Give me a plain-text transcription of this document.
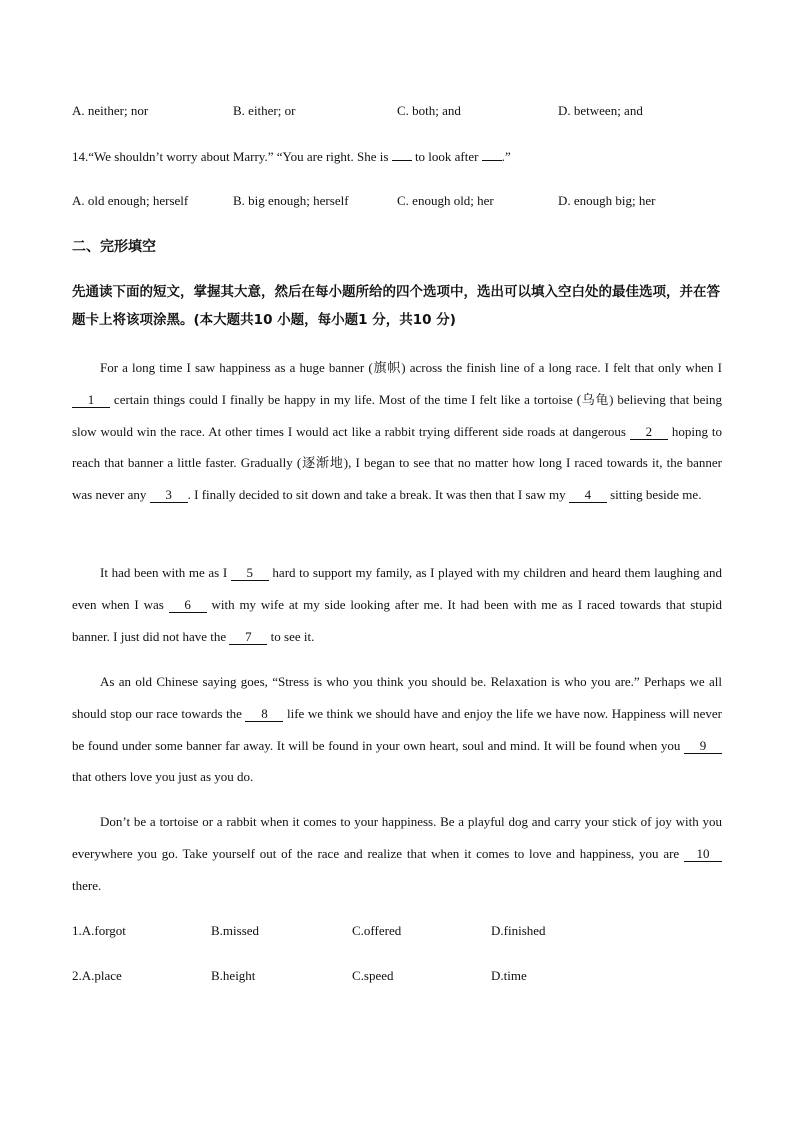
A. neither; nor	B. either; or	C. both; and	D. between; and
14.“We shouldn’t worry about Marry.” “You are right. She is  to look after .”
A. old enough; herself	B. big enough; herself	C. enough old; her	D. enough big; her
二、完形填空
先通读下面的短文，掌握其大意，然后在每小题所给的四个选项中，选出可以填入空白处的最佳选项，并在答题卡上将该项涂黑。(本大题共10 小题，每小题1 分，共10 分)
For a long time I saw happiness as a huge banner (旗帜) across the finish line of a long race. I felt that only when I 1 certain things could I finally be happy in my life. Most of the time I felt like a tortoise (乌龟) believing that being slow would win the race. At other times I would act like a rabbit trying different side roads at dangerous 2 hoping to reach that banner a little faster. Gradually (逐渐地), I began to see that no matter how long I raced towards it, the banner was never any 3 . I finally decided to sit down and take a break. It was then that I saw my 4 sitting beside me.
It had been with me as I 5 hard to support my family, as I played with my children and heard them laughing and even when I was 6 with my wife at my side looking after me. It had been with me as I raced towards that stupid banner. I just did not have the 7 to see it.
As an old Chinese saying goes, “Stress is who you think you should be. Relaxation is who you are.” Perhaps we all should stop our race towards the 8 life we think we should have and enjoy the life we have now. Happiness will never be found under some banner far away. It will be found in your own heart, soul and mind. It will be found when you 9 that others love you just as you do.
Don’t be a tortoise or a rabbit when it comes to your happiness. Be a playful dog and carry your stick of joy with you everywhere you go. Take yourself out of the race and realize that when it comes to love and happiness, you are 10 there.
1.A.forgot	B.missed	C.offered	D.finished
2.A.place	B.height	C.speed	D.time
